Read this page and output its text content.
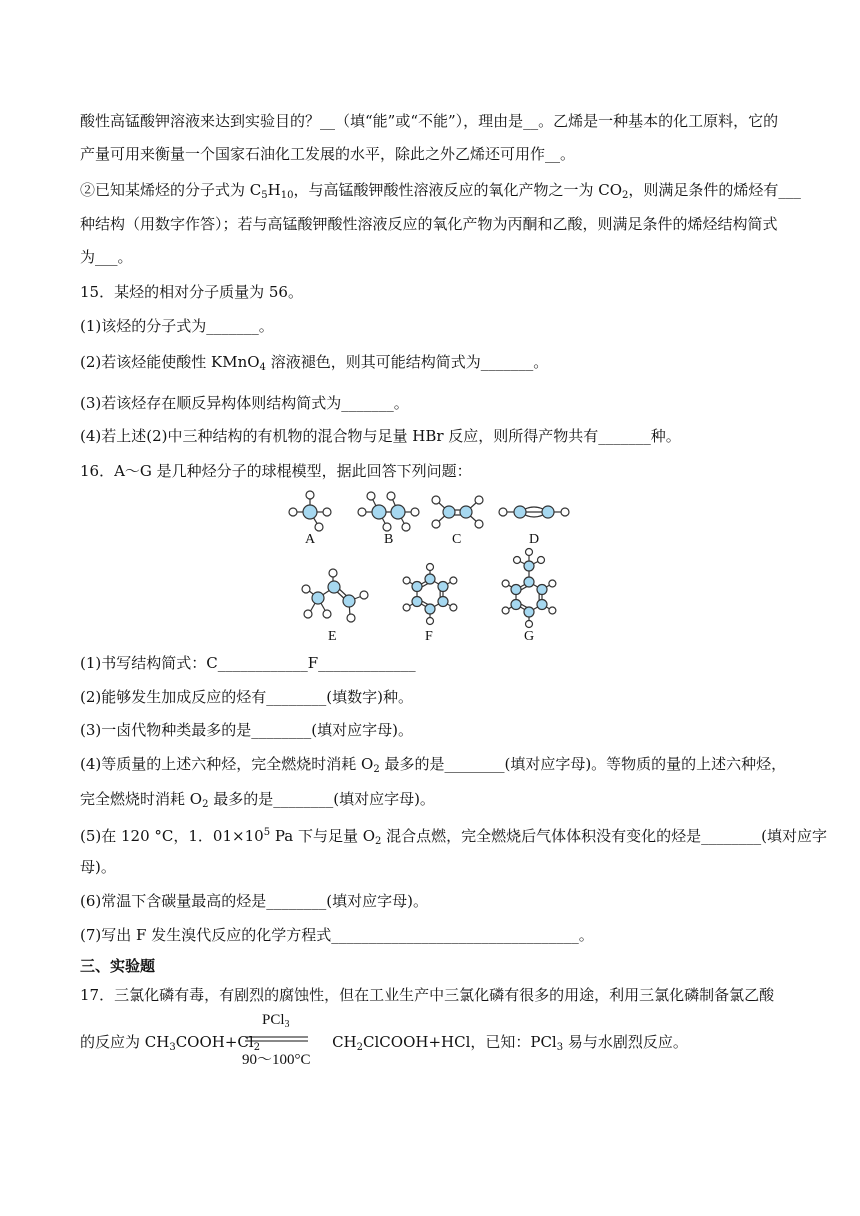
酸性高锰酸钾溶液来达到实验目的？__（填“能”或“不能”），理由是__。乙烯是一种基本的化工原料，它的
产量可用来衡量一个国家石油化工发展的水平，除此之外乙烯还可用作__。
②已知某烯烃的分子式为 $C_5H_{10}$，与高锰酸钾酸性溶液反应的氧化产物之一为 $CO_2$，则满足条件的烯烃有___
种结构（用数字作答）；若与高锰酸钾酸性溶液反应的氧化产物为丙酮和乙酸，则满足条件的烯烃结构简式
为___。
15．某烃的相对分子质量为 56。
(1)该烃的分子式为_______。
(2)若该烃能使酸性 KMnO$_4$ 溶液褪色，则其可能结构简式为_______。
(3)若该烃存在顺反异构体则结构简式为_______。
(4)若上述(2)中三种结构的有机物的混合物与足量 HBr 反应，则所得产物共有_______种。
16．A～G 是几种烃分子的球棍模型，据此回答下列问题：
A	B	C	D
E	F	G
(1)书写结构简式：C____________F_____________
(2)能够发生加成反应的烃有________(填数字)种。
(3)一卤代物种类最多的是________(填对应字母)。
(4)等质量的上述六种烃，完全燃烧时消耗 $O_2$ 最多的是________(填对应字母)。等物质的量的上述六种烃，
完全燃烧时消耗 $O_2$ 最多的是________(填对应字母)。
(5)在 120 °C，1．$01\times 10^5$ Pa 下与足量 $O_2$ 混合点燃，完全燃烧后气体体积没有变化的烃是________(填对应字
母)。
(6)常温下含碳量最高的烃是________(填对应字母)。
(7)写出 F 发生溴代反应的化学方程式_________________________________。
三、实验题
17．三氯化磷有毒，有剧烈的腐蚀性，但在工业生产中三氯化磷有很多的用途，利用三氯化磷制备氯乙酸
的反应为 $CH_3COOH+Cl_2$	$CH_2ClCOOH+HCl$，已知：PCl$_3$ 易与水剧烈反应。
PCl$_3$
90～100°C
